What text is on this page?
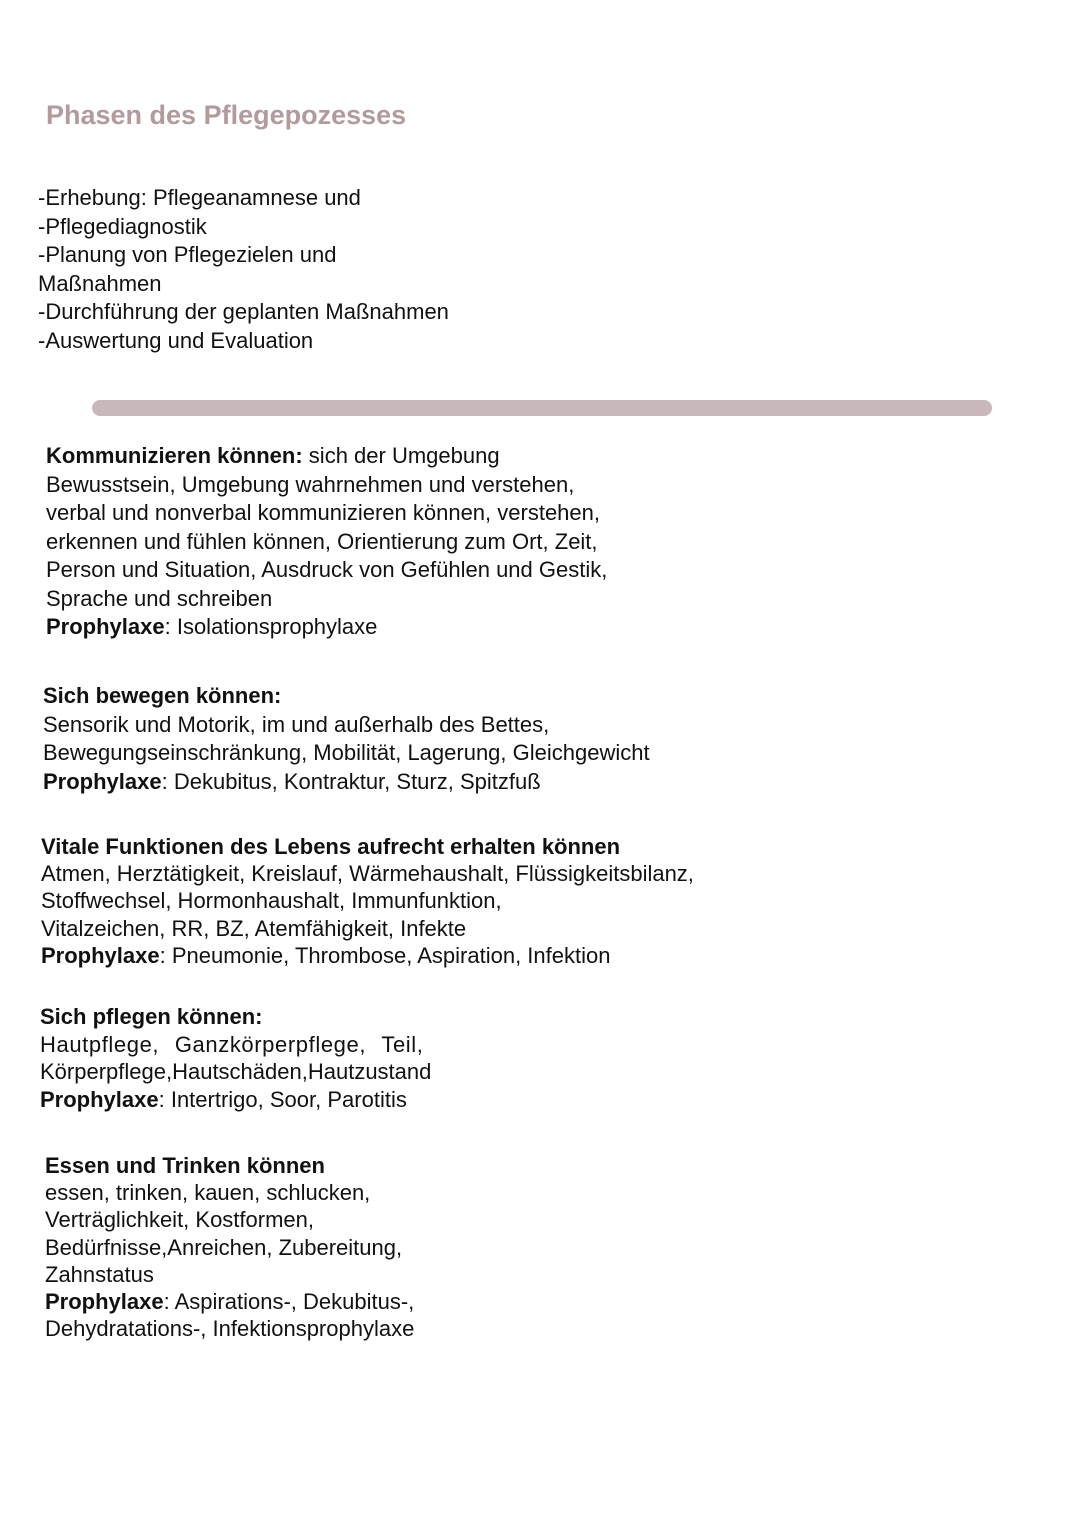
Phasen des Pflegepozesses
-Erhebung: Pflegeanamnese und
-Pflegediagnostik
-Planung von Pflegezielen und
Maßnahmen
-Durchführung der geplanten Maßnahmen
-Auswertung und Evaluation
Kommunizieren können: sich der Umgebung
Bewusstsein, Umgebung wahrnehmen und verstehen,
verbal und nonverbal kommunizieren können, verstehen,
erkennen und fühlen können, Orientierung zum Ort, Zeit,
Person und Situation, Ausdruck von Gefühlen und Gestik,
Sprache und schreiben
Prophylaxe: Isolationsprophylaxe
Sich bewegen können:
Sensorik und Motorik, im und außerhalb des Bettes,
Bewegungseinschränkung, Mobilität, Lagerung, Gleichgewicht
Prophylaxe: Dekubitus, Kontraktur, Sturz, Spitzfuß
Vitale Funktionen des Lebens aufrecht erhalten können
Atmen, Herztätigkeit, Kreislauf, Wärmehaushalt, Flüssigkeitsbilanz,
Stoffwechsel, Hormonhaushalt, Immunfunktion,
Vitalzeichen, RR, BZ, Atemfähigkeit, Infekte
Prophylaxe: Pneumonie, Thrombose, Aspiration, Infektion
Sich pflegen können:
Hautpflege, Ganzkörperpflege, Teil,
Körperpflege,Hautschäden,Hautzustand
Prophylaxe: Intertrigo, Soor, Parotitis
Essen und Trinken können
essen, trinken, kauen, schlucken,
Verträglichkeit, Kostformen,
Bedürfnisse,Anreichen, Zubereitung,
Zahnstatus
Prophylaxe: Aspirations-, Dekubitus-,
Dehydratations-, Infektionsprophylaxe
